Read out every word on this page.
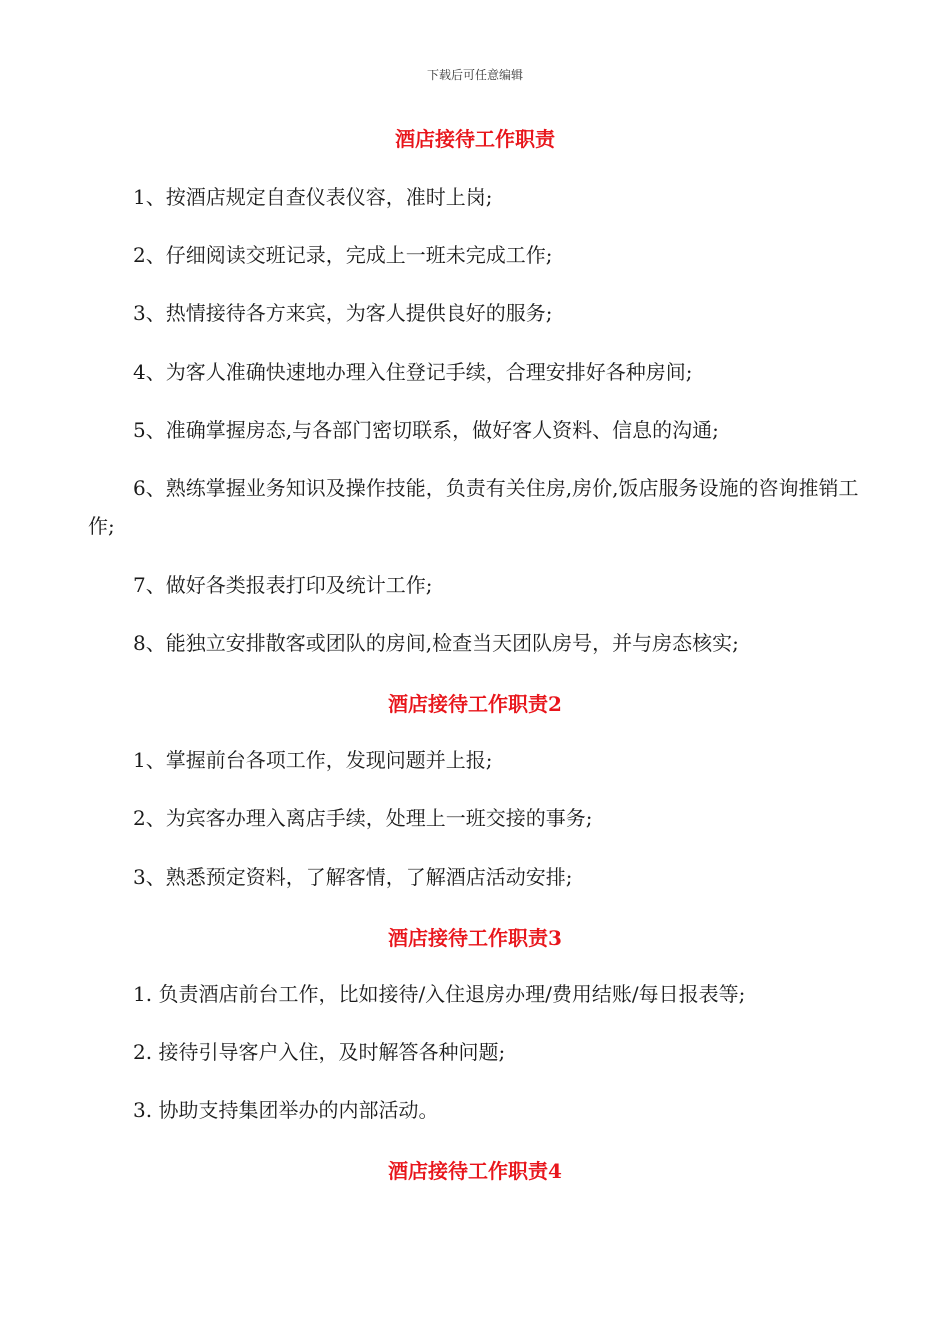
下载后可任意编辑
酒店接待工作职责
1、按酒店规定自查仪表仪容，准时上岗;
2、仔细阅读交班记录，完成上一班未完成工作;
3、热情接待各方来宾，为客人提供良好的服务;
4、为客人准确快速地办理入住登记手续，合理安排好各种房间;
5、准确掌握房态,与各部门密切联系，做好客人资料、信息的沟通;
6、熟练掌握业务知识及操作技能，负责有关住房,房价,饭店服务设施的咨询推销工作;
7、做好各类报表打印及统计工作;
8、能独立安排散客或团队的房间,检查当天团队房号，并与房态核实;
酒店接待工作职责2
1、掌握前台各项工作，发现问题并上报;
2、为宾客办理入离店手续，处理上一班交接的事务;
3、熟悉预定资料，了解客情，了解酒店活动安排;
酒店接待工作职责3
1. 负责酒店前台工作，比如接待/入住退房办理/费用结账/每日报表等;
2. 接待引导客户入住，及时解答各种问题;
3. 协助支持集团举办的内部活动。
酒店接待工作职责4
